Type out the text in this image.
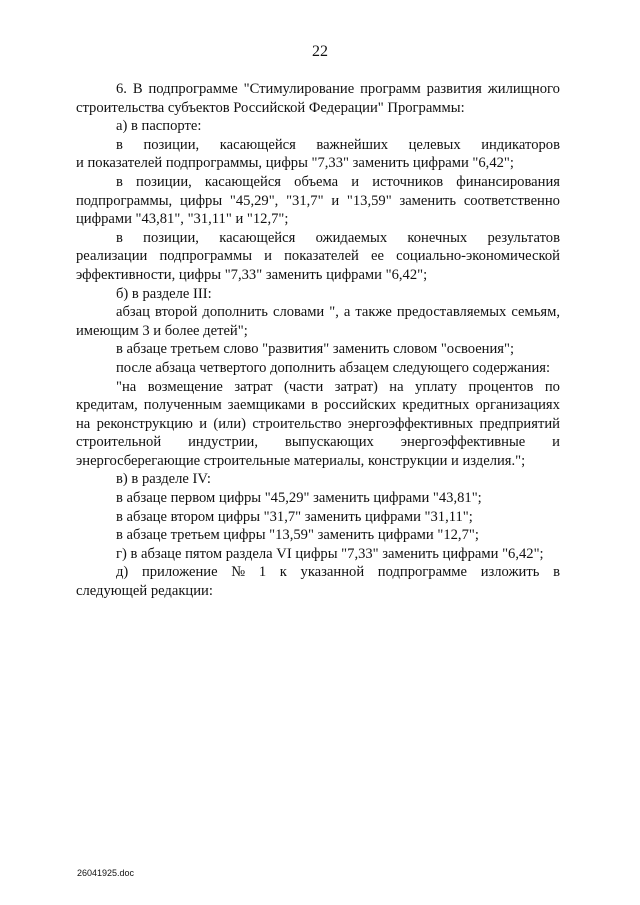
22
6. В подпрограмме "Стимулирование программ развития жилищного
строительства субъектов Российской Федерации" Программы:
а) в паспорте:
в позиции, касающейся важнейших целевых индикаторов
и показателей подпрограммы, цифры "7,33" заменить цифрами "6,42";
в позиции, касающейся объема и источников финансирования
подпрограммы, цифры "45,29", "31,7" и "13,59" заменить соответственно
цифрами "43,81", "31,11" и "12,7";
в позиции, касающейся ожидаемых конечных результатов
реализации подпрограммы и показателей ее социально-экономической
эффективности, цифры "7,33" заменить цифрами "6,42";
б) в разделе III:
абзац второй дополнить словами ", а также предоставляемых семьям,
имеющим 3 и более детей";
в абзаце третьем слово "развития" заменить словом "освоения";
после абзаца четвертого дополнить абзацем следующего содержания:
"на возмещение затрат (части затрат) на уплату процентов по
кредитам, полученным заемщиками в российских кредитных организациях
на реконструкцию и (или) строительство энергоэффективных предприятий
строительной индустрии, выпускающих энергоэффективные и
энергосберегающие строительные материалы, конструкции и изделия.";
в) в разделе IV:
в абзаце первом цифры "45,29" заменить цифрами "43,81";
в абзаце втором цифры "31,7" заменить цифрами "31,11";
в абзаце третьем цифры "13,59" заменить цифрами "12,7";
г) в абзаце пятом раздела VI цифры "7,33" заменить цифрами "6,42";
д) приложение № 1 к указанной подпрограмме изложить в
следующей редакции:
26041925.doc
